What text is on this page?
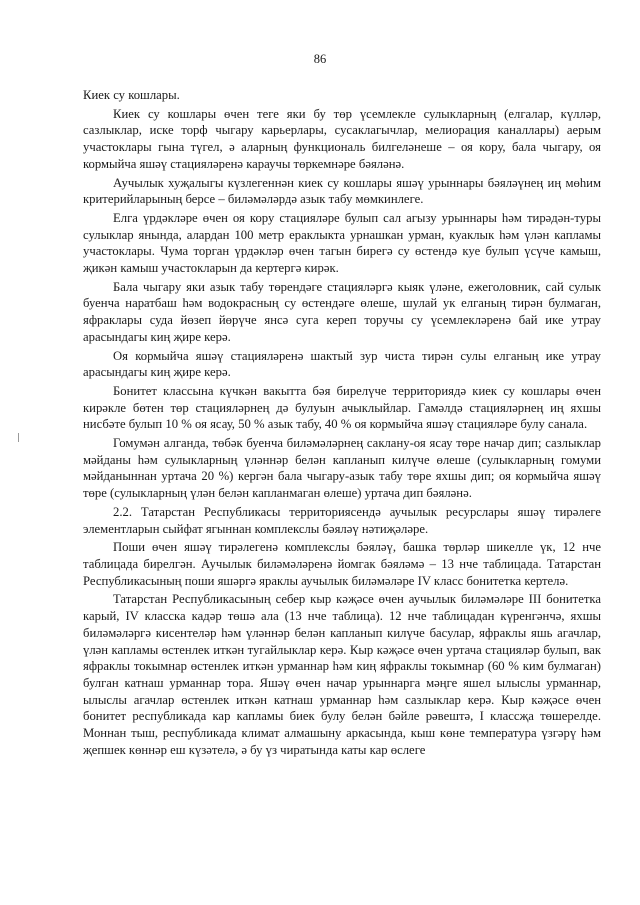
86

Киек су кошлары.

Киек су кошлары өчен теге яки бу төр үсемлекле сулыкларның (елгалар, күлләр, сазлыклар, иске торф чыгару карьерлары, сусаклагычлар, мелиорация каналлары) аерым участоклары гына түгел, ә аларның функциональ билгеләнеше – оя кору, бала чыгару, оя кормыйча яшәү стацияләренә караучы төркемнәре бәяләнә.

Аучылык хуҗалыгы күзлегеннән киек су кошлары яшәү урыннары бәяләүнең иң мөһим критерийларының берсе – биләмәләрдә азык табу мөмкинлеге.

Елга үрдәкләре өчен оя кору стацияләре булып сал агызу урыннары һәм тирәдән-туры сулыклар янында, алардан 100 метр ераклыкта урнашкан урман, куаклык һәм үлән капламы участоклары. Чума торган үрдәкләр өчен тагын бирегә су өстендә куе булып үсүче камыш, җикән камыш участокларын да кертергә кирәк.

Бала чыгару яки азык табу төрендәге стацияләргә кыяк үләне, ежеголовник, сай сулык буенча наратбаш һәм водокрасның су өстендәге өлеше, шулай ук елганың тирән булмаган, яфраклары суда йөзеп йөрүче янсә суга кереп торучы су үсемлекләренә бай ике утрау арасындагы киң җире керә.

Оя кормыйча яшәү стацияләренә шактый зур чиста тирән сулы елганың ике утрау арасындагы киң җире керә.

Бонитет классына күчкән вакытта бәя бирелүче территориядә киек су кошлары өчен кирәкле бөтен төр стацияләрнең дә булуын ачыклыйлар. Гамәлдә стацияләрнең иң яхшы нисбәте булып 10 % оя ясау, 50 % азык табу, 40 % оя кормыйча яшәү стацияләре булу санала.

Гомумән алганда, төбәк буенча биләмәләрнең саклану-оя ясау төре начар дип; сазлыклар мәйданы һәм сулыкларның үләннәр белән капланып килүче өлеше (сулыкларның гомуми мәйданыннан уртача 20 %) кергән бала чыгару-азык табу төре яхшы дип; оя кормыйча яшәү төре (сулыкларның үлән белән капланмаган өлеше) уртача дип бәяләнә.

2.2. Татарстан Республикасы территориясендә аучылык ресурслары яшәү тирәлеге элементларын сыйфат ягыннан комплекслы бәяләү нәтиҗәләре.

Поши өчен яшәү тирәлегенә комплекслы бәяләү, башка төрләр шикелле үк, 12 нче таблицада бирелгән. Аучылык биләмәләренә йомгак бәяләмә – 13 нче таблицада. Татарстан Республикасының поши яшәргә яраклы аучылык биләмәләре IV класс бонитетка кертелә.

Татарстан Республикасының себер кыр кәҗәсе өчен аучылык биләмәләре III бонитетка карый, IV класска кадәр төшә ала (13 нче таблица). 12 нче таблицадан күренгәнчә, яхшы биләмәләргә кисентеләр һәм үләннәр белән капланып килүче басулар, яфраклы яшь агачлар, үлән капламы өстенлек иткән тугайлыклар керә. Кыр кәҗәсе өчен уртача стацияләр булып, вак яфраклы токымнар өстенлек иткән урманнар һәм киң яфраклы токымнар (60 % ким булмаган) булган катнаш урманнар тора. Яшәү өчен начар урыннарга мәңге яшел ылыслы урманнар, ылыслы агачлар өстенлек иткән катнаш урманнар һәм сазлыклар керә. Кыр кәҗәсе өчен бонитет республикада кар капламы биек булу белән бәйле рәвештә, I классҗа төшерелде. Моннан тыш, республикада климат алмашыну аркасында, кыш көне температура үзгәрү һәм җепшек көннәр еш күзәтелә, ә бу үз чиратында каты кар өслеге
